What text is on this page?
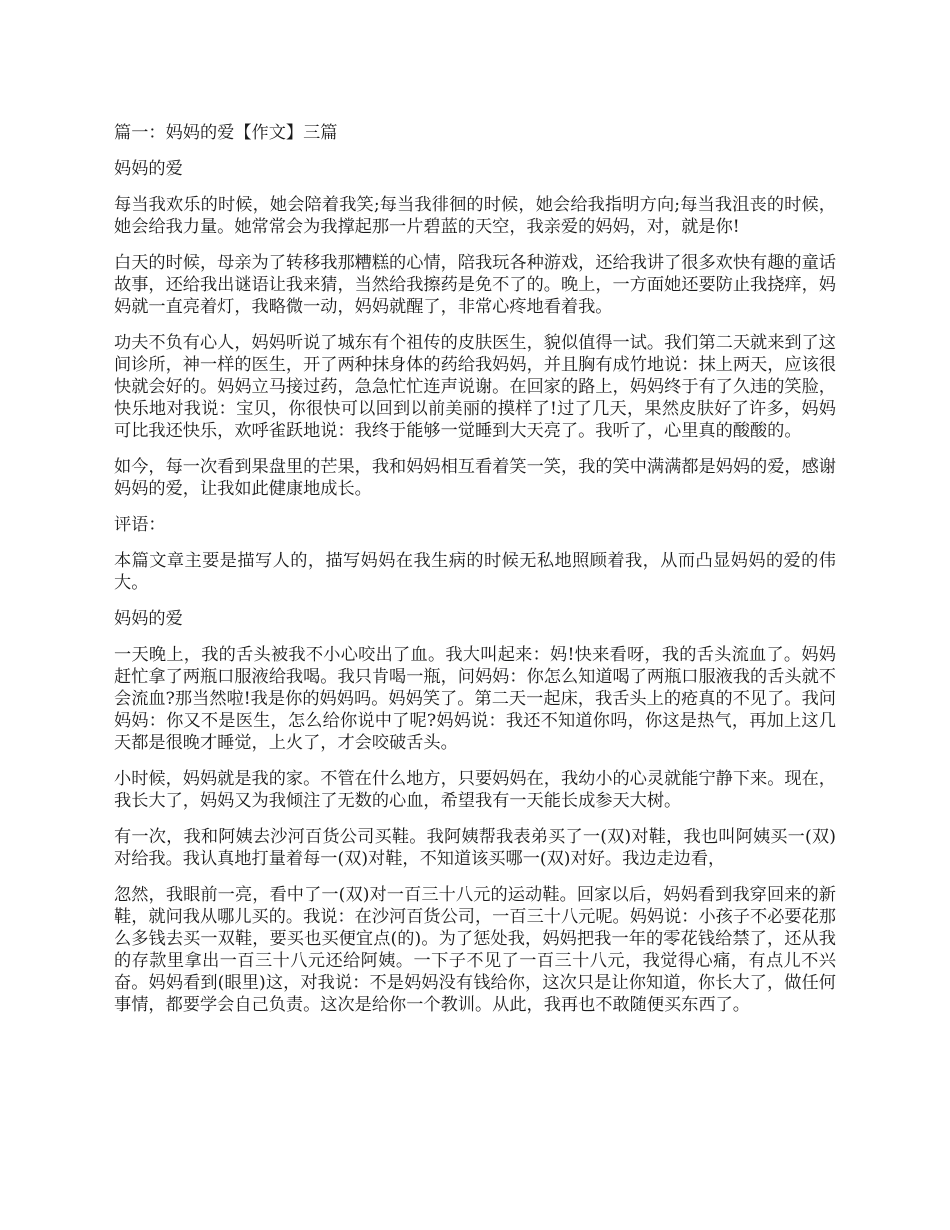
篇一：妈妈的爱【作文】三篇
妈妈的爱

每当我欢乐的时候，她会陪着我笑;每当我徘徊的时候，她会给我指明方向;每当我沮丧的时候，她会给我力量。她常常会为我撑起那一片碧蓝的天空，我亲爱的妈妈，对，就是你!

白天的时候，母亲为了转移我那糟糕的心情，陪我玩各种游戏，还给我讲了很多欢快有趣的童话故事，还给我出谜语让我来猜，当然给我擦药是免不了的。晚上，一方面她还要防止我挠痒，妈妈就一直亮着灯，我略微一动，妈妈就醒了，非常心疼地看着我。

功夫不负有心人，妈妈听说了城东有个祖传的皮肤医生，貌似值得一试。我们第二天就来到了这间诊所，神一样的医生，开了两种抹身体的药给我妈妈，并且胸有成竹地说：抹上两天，应该很快就会好的。妈妈立马接过药，急急忙忙连声说谢。在回家的路上，妈妈终于有了久违的笑脸，快乐地对我说：宝贝，你很快可以回到以前美丽的摸样了!过了几天，果然皮肤好了许多，妈妈可比我还快乐，欢呼雀跃地说：我终于能够一觉睡到大天亮了。我听了，心里真的酸酸的。

如今，每一次看到果盘里的芒果，我和妈妈相互看着笑一笑，我的笑中满满都是妈妈的爱，感谢妈妈的爱，让我如此健康地成长。

评语：

本篇文章主要是描写人的，描写妈妈在我生病的时候无私地照顾着我，从而凸显妈妈的爱的伟大。

妈妈的爱

一天晚上，我的舌头被我不小心咬出了血。我大叫起来：妈!快来看呀，我的舌头流血了。妈妈赶忙拿了两瓶口服液给我喝。我只肯喝一瓶，问妈妈：你怎么知道喝了两瓶口服液我的舌头就不会流血?那当然啦!我是你的妈妈吗。妈妈笑了。第二天一起床，我舌头上的疮真的不见了。我问妈妈：你又不是医生，怎么给你说中了呢?妈妈说：我还不知道你吗，你这是热气，再加上这几天都是很晚才睡觉，上火了，才会咬破舌头。

小时候，妈妈就是我的家。不管在什么地方，只要妈妈在，我幼小的心灵就能宁静下来。现在，我长大了，妈妈又为我倾注了无数的心血，希望我有一天能长成参天大树。

有一次，我和阿姨去沙河百货公司买鞋。我阿姨帮我表弟买了一(双)对鞋，我也叫阿姨买一(双)对给我。我认真地打量着每一(双)对鞋，不知道该买哪一(双)对好。我边走边看，

忽然，我眼前一亮，看中了一(双)对一百三十八元的运动鞋。回家以后，妈妈看到我穿回来的新鞋，就问我从哪儿买的。我说：在沙河百货公司，一百三十八元呢。妈妈说：小孩子不必要花那么多钱去买一双鞋，要买也买便宜点(的)。为了惩处我，妈妈把我一年的零花钱给禁了，还从我的存款里拿出一百三十八元还给阿姨。一下子不见了一百三十八元，我觉得心痛，有点儿不兴奋。妈妈看到(眼里)这，对我说：不是妈妈没有钱给你，这次只是让你知道，你长大了，做任何事情，都要学会自己负责。这次是给你一个教训。从此，我再也不敢随便买东西了。
